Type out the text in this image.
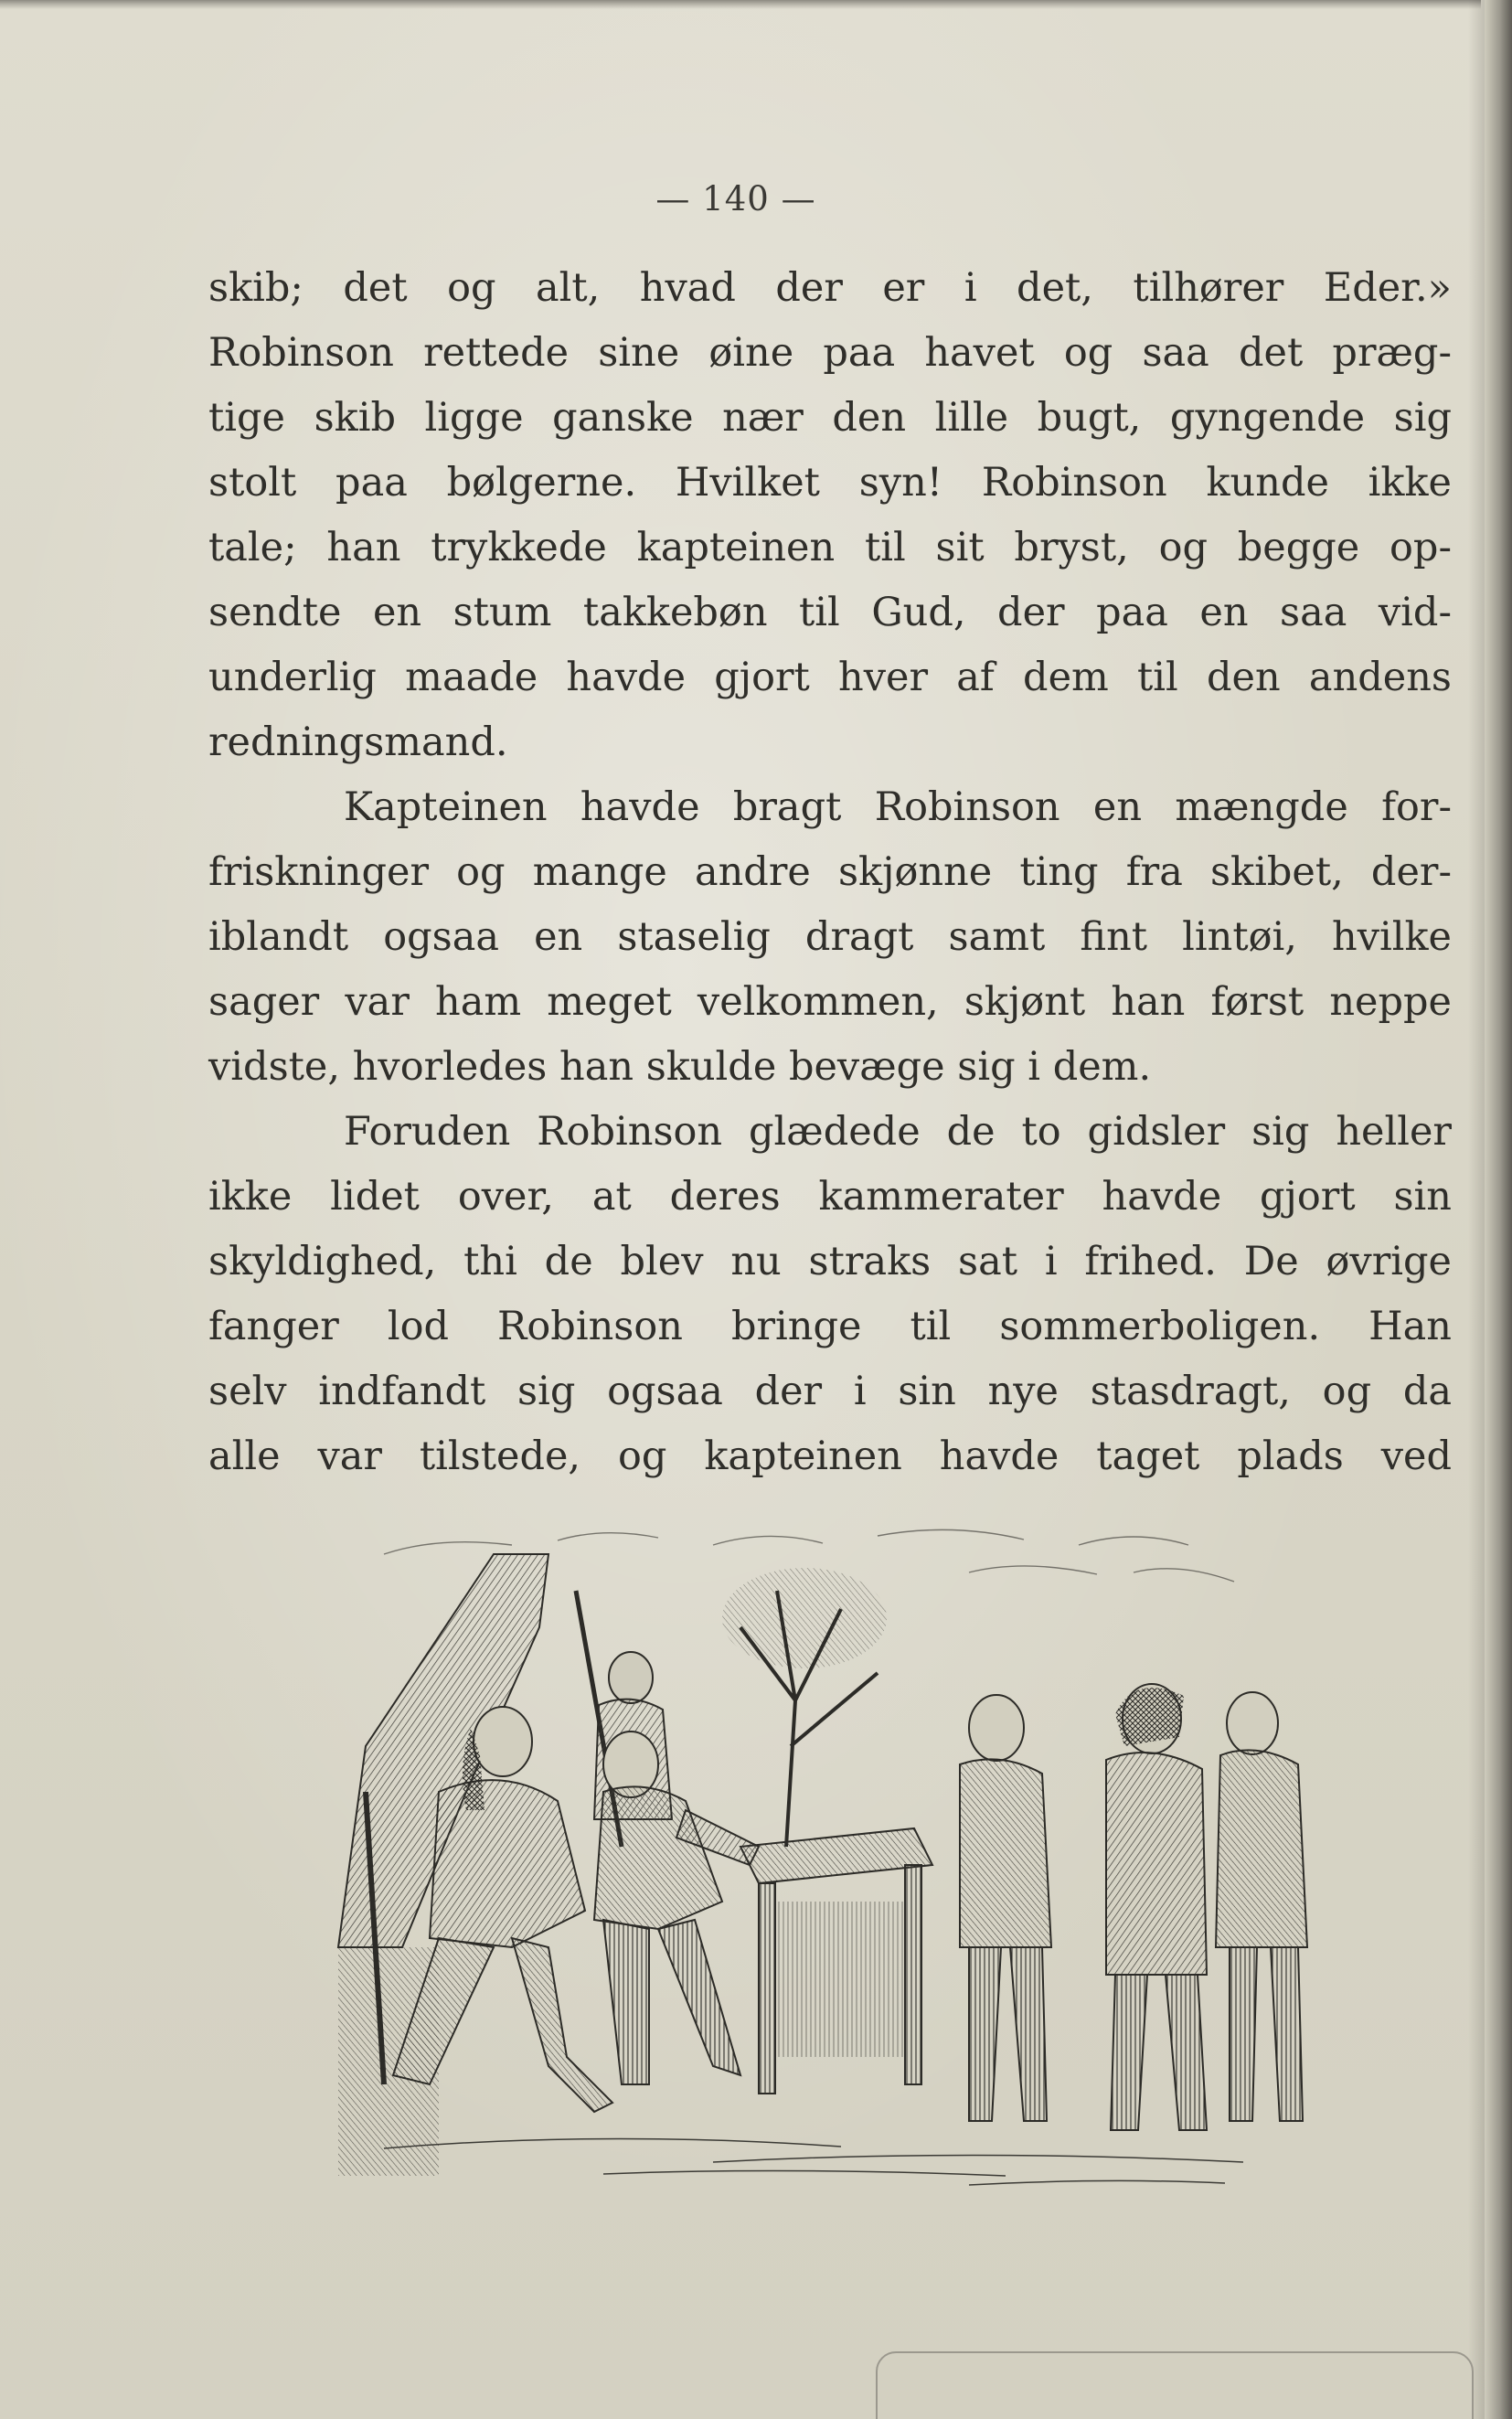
— 140 —
skib; det og alt, hvad der er i det, tilhører Eder.»
Robinson rettede sine øine paa havet og saa det præg-
tige skib ligge ganske nær den lille bugt, gyngende sig
stolt paa bølgerne. Hvilket syn! Robinson kunde ikke
tale; han trykkede kapteinen til sit bryst, og begge op-
sendte en stum takkebøn til Gud, der paa en saa vid-
underlig maade havde gjort hver af dem til den andens
redningsmand.
Kapteinen havde bragt Robinson en mængde for-
friskninger og mange andre skjønne ting fra skibet, der-
iblandt ogsaa en staselig dragt samt fint lintøi, hvilke
sager var ham meget velkommen, skjønt han først neppe
vidste, hvorledes han skulde bevæge sig i dem.
Foruden Robinson glædede de to gidsler sig heller
ikke lidet over, at deres kammerater havde gjort sin
skyldighed, thi de blev nu straks sat i frihed. De øvrige
fanger lod Robinson bringe til sommerboligen. Han
selv indfandt sig ogsaa der i sin nye stasdragt, og da
alle var tilstede, og kapteinen havde taget plads ved
